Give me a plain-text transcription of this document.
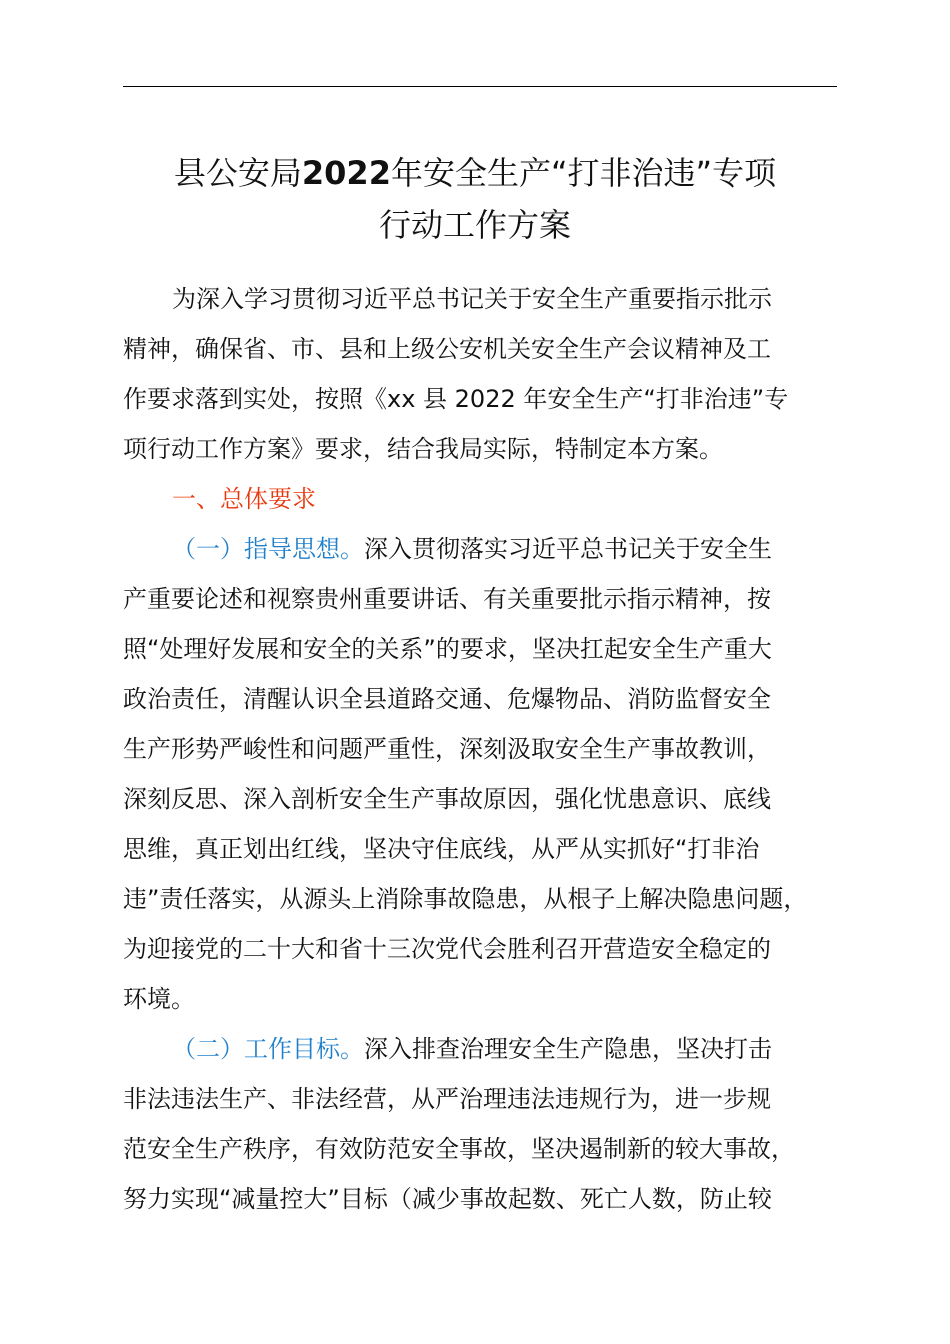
县公安局2022年安全生产“打非治违”专项
行动工作方案
为深入学习贯彻习近平总书记关于安全生产重要指示批示
精神，确保省、市、县和上级公安机关安全生产会议精神及工
作要求落到实处，按照《xx 县 2022 年安全生产“打非治违”专
项行动工作方案》要求，结合我局实际，特制定本方案。
一、总体要求
（一）指导思想。深入贯彻落实习近平总书记关于安全生
产重要论述和视察贵州重要讲话、有关重要批示指示精神，按
照“处理好发展和安全的关系”的要求，坚决扛起安全生产重大
政治责任，清醒认识全县道路交通、危爆物品、消防监督安全
生产形势严峻性和问题严重性，深刻汲取安全生产事故教训，
深刻反思、深入剖析安全生产事故原因，强化忧患意识、底线
思维，真正划出红线，坚决守住底线，从严从实抓好“打非治
违”责任落实，从源头上消除事故隐患，从根子上解决隐患问题，
为迎接党的二十大和省十三次党代会胜利召开营造安全稳定的
环境。
（二）工作目标。深入排查治理安全生产隐患，坚决打击
非法违法生产、非法经营，从严治理违法违规行为，进一步规
范安全生产秩序，有效防范安全事故，坚决遏制新的较大事故，
努力实现“减量控大”目标（减少事故起数、死亡人数，防止较
